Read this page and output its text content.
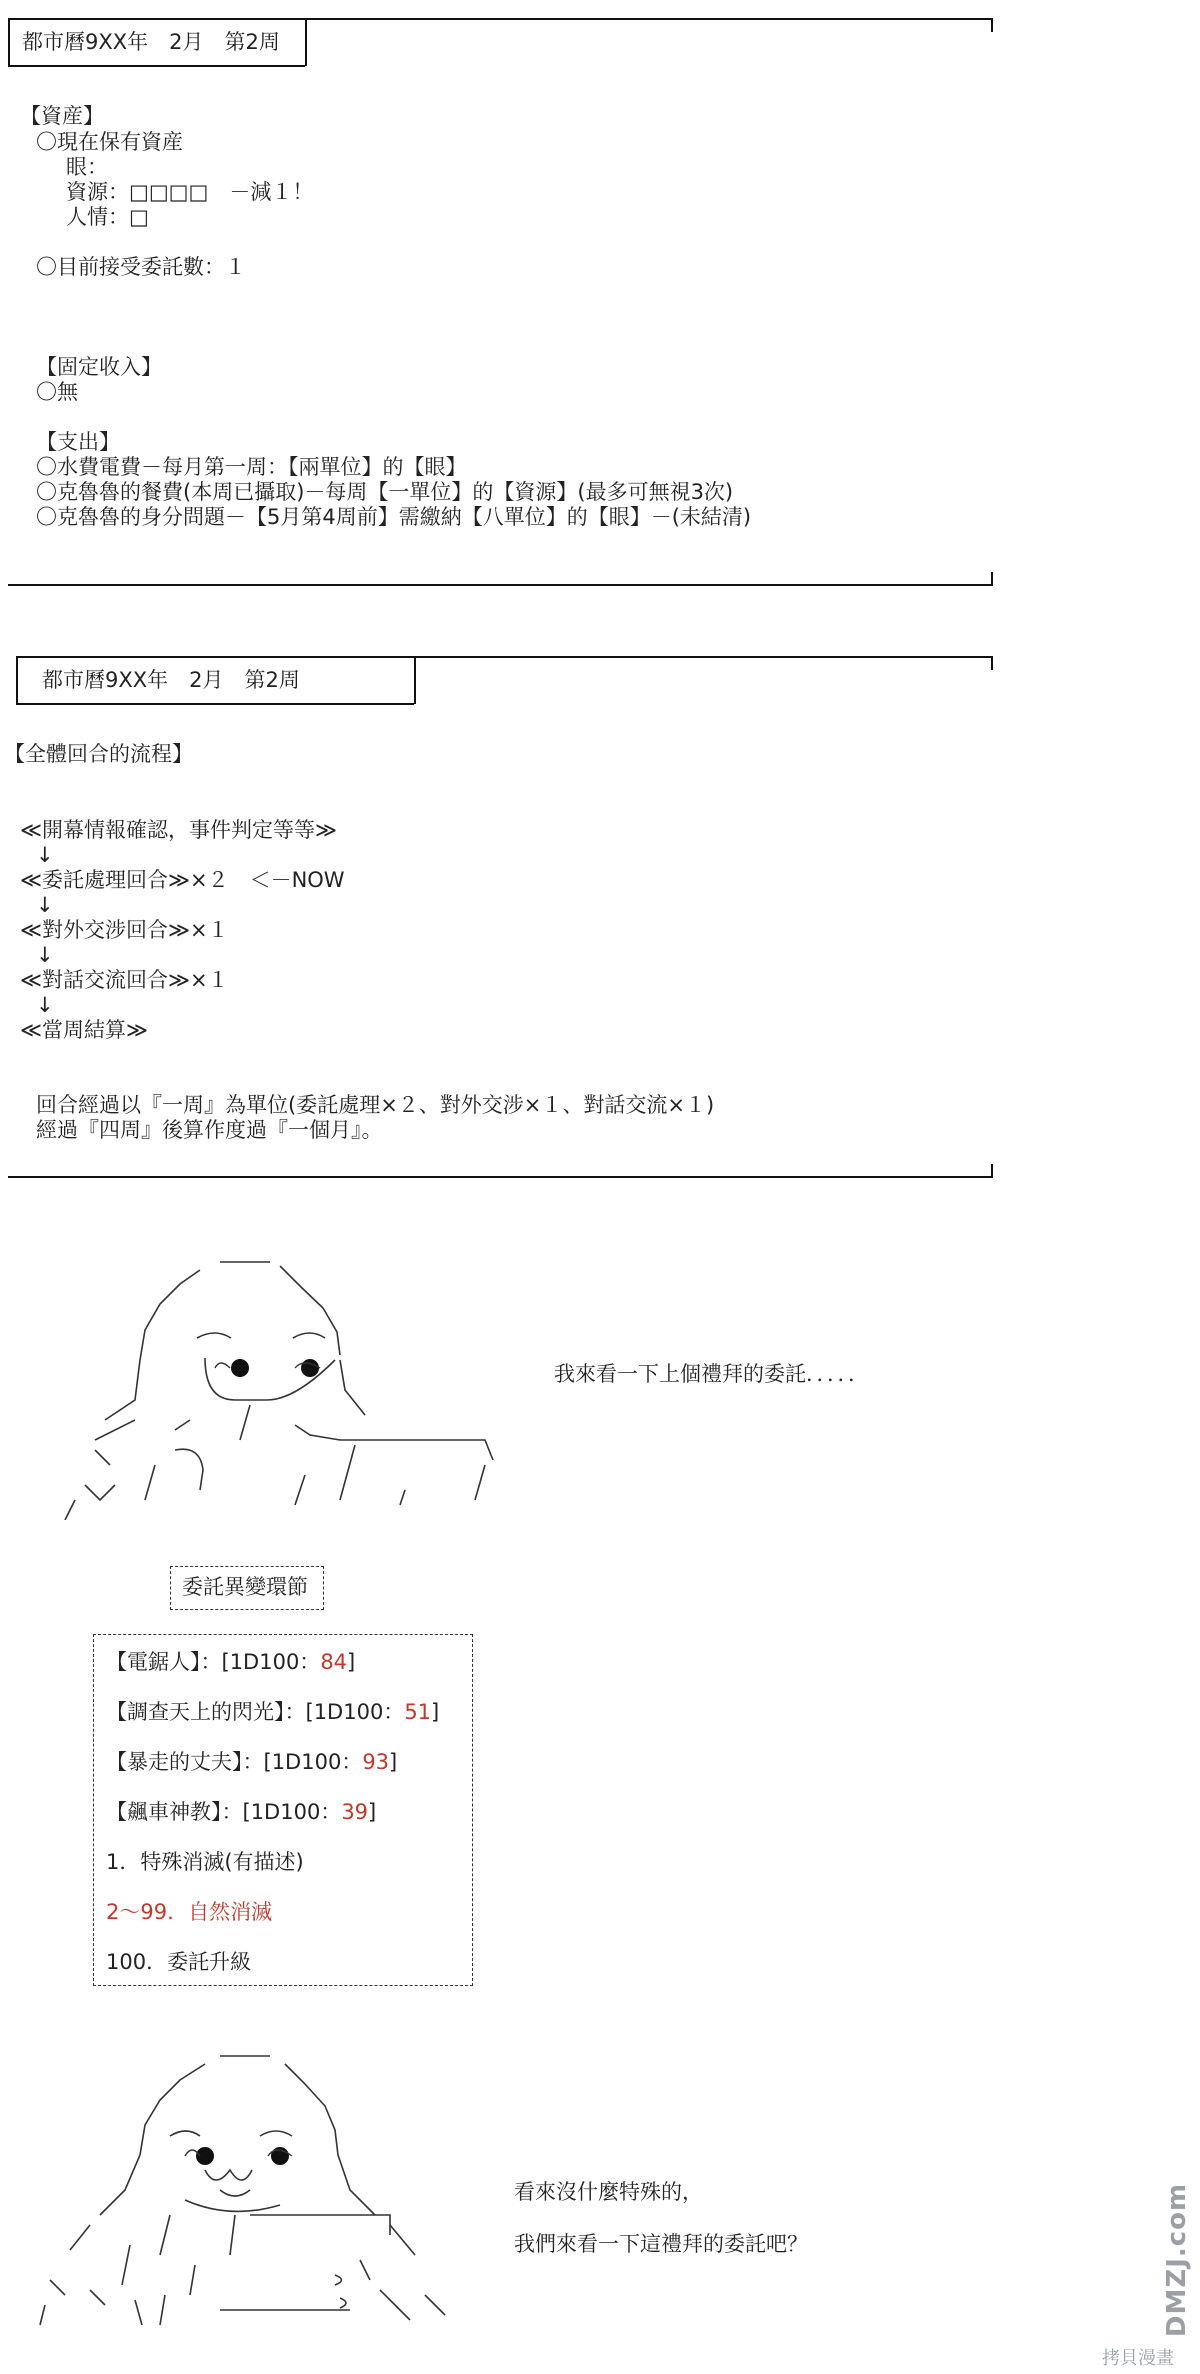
都市曆9XX年　2月　第2周
【資産】
〇現在保有資産
眼：
資源：□□□□　－減１！
人情：□
〇目前接受委託數：１
【固定收入】
〇無
【支出】
〇水費電費－每月第一周：【兩單位】的【眼】
〇克魯魯的餐費(本周已攝取)－每周【一單位】的【資源】(最多可無視3次)
〇克魯魯的身分問題－【5月第4周前】需繳納【八單位】的【眼】－(未結清)
都市曆9XX年　2月　第2周
【全體回合的流程】
≪開幕情報確認，事件判定等等≫
↓
≪委託處理回合≫×２　＜－NOW
↓
≪對外交涉回合≫×１
↓
≪對話交流回合≫×１
↓
≪當周結算≫
回合經過以『一周』為單位(委託處理×２、對外交涉×１、對話交流×１)
經過『四周』後算作度過『一個月』。
我來看一下上個禮拜的委託．．．．．
委託異變環節
【電鋸人】：[1D100：84]
【調查天上的閃光】：[1D100：51]
【暴走的丈夫】：[1D100：93]
【飆車神教】：[1D100：39]
1．特殊消滅(有描述)
2～99．自然消滅
100．委託升級
看來沒什麼特殊的，
我們來看一下這禮拜的委託吧？	DMZJ.com
拷貝漫畫
